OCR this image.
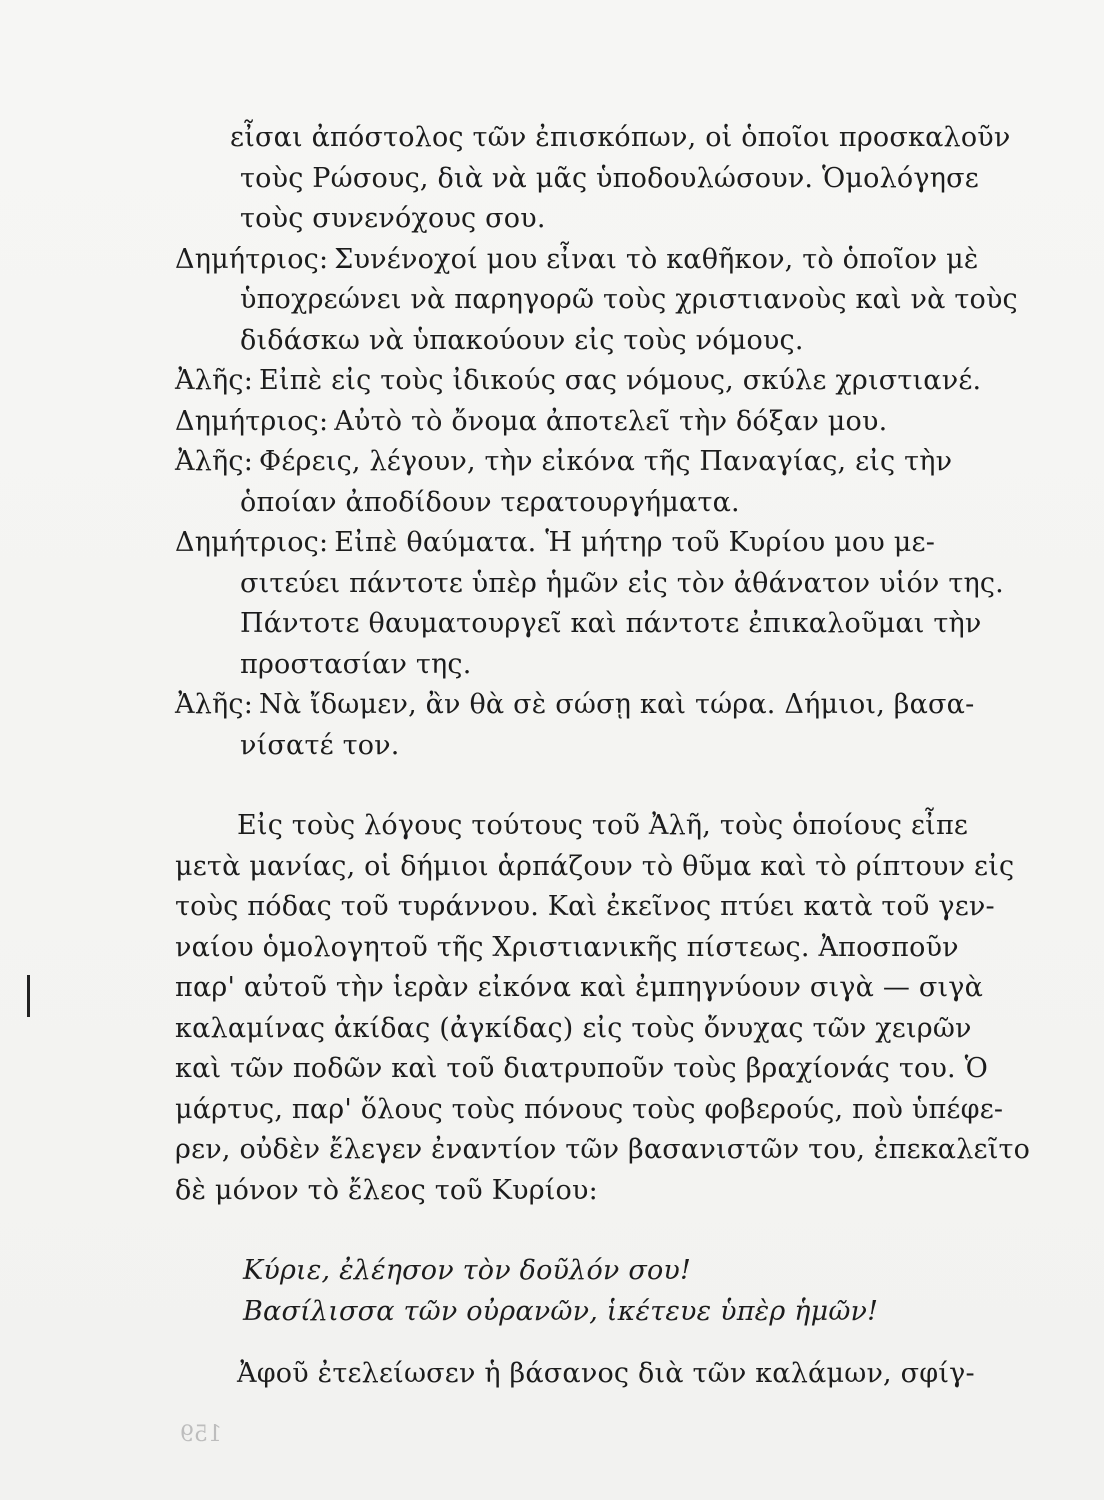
εἶσαι ἀπόστολος τῶν ἐπισκόπων, οἱ ὁποῖοι προσκαλοῦν
τοὺς Ρώσους, διὰ νὰ μᾶς ὑποδουλώσουν. Ὁμολόγησε
τοὺς συνενόχους σου.
Δημήτριος: Συνένοχοί μου εἶναι τὸ καθῆκον, τὸ ὁποῖον μὲ
ὑποχρεώνει νὰ παρηγορῶ τοὺς χριστιανοὺς καὶ νὰ τοὺς
διδάσκω νὰ ὑπακούουν εἰς τοὺς νόμους.
Ἀλῆς: Εἰπὲ εἰς τοὺς ἰδικούς σας νόμους, σκύλε χριστιανέ.
Δημήτριος: Αὐτὸ τὸ ὄνομα ἀποτελεῖ τὴν δόξαν μου.
Ἀλῆς: Φέρεις, λέγουν, τὴν εἰκόνα τῆς Παναγίας, εἰς τὴν
ὁποίαν ἀποδίδουν τερατουργήματα.
Δημήτριος: Εἰπὲ θαύματα. Ἡ μήτηρ τοῦ Κυρίου μου με-
σιτεύει πάντοτε ὑπὲρ ἡμῶν εἰς τὸν ἀθάνατον υἱόν της.
Πάντοτε θαυματουργεῖ καὶ πάντοτε ἐπικαλοῦμαι τὴν
προστασίαν της.
Ἀλῆς: Νὰ ἴδωμεν, ἂν θὰ σὲ σώσῃ καὶ τώρα. Δήμιοι, βασα-
νίσατέ τον.
Εἰς τοὺς λόγους τούτους τοῦ Ἀλῆ, τοὺς ὁποίους εἶπε
μετὰ μανίας, οἱ δήμιοι ἁρπάζουν τὸ θῦμα καὶ τὸ ρίπτουν εἰς
τοὺς πόδας τοῦ τυράννου. Καὶ ἐκεῖνος πτύει κατὰ τοῦ γεν-
ναίου ὁμολογητοῦ τῆς Χριστιανικῆς πίστεως. Ἀποσποῦν
παρ' αὐτοῦ τὴν ἱερὰν εἰκόνα καὶ ἐμπηγνύουν σιγὰ — σιγὰ
καλαμίνας ἀκίδας (ἀγκίδας) εἰς τοὺς ὄνυχας τῶν χειρῶν
καὶ τῶν ποδῶν καὶ τοῦ διατρυποῦν τοὺς βραχίονάς του. Ὁ
μάρτυς, παρ' ὅλους τοὺς πόνους τοὺς φοβερούς, ποὺ ὑπέφε-
ρεν, οὐδὲν ἔλεγεν ἐναντίον τῶν βασανιστῶν του, ἐπεκαλεῖτο
δὲ μόνον τὸ ἔλεος τοῦ Κυρίου:
Κύριε, ἐλέησον τὸν δοῦλόν σου!
Βασίλισσα τῶν οὐρανῶν, ἱκέτευε ὑπὲρ ἡμῶν!
Ἀφοῦ ἐτελείωσεν ἡ βάσανος διὰ τῶν καλάμων, σφίγ-
159
